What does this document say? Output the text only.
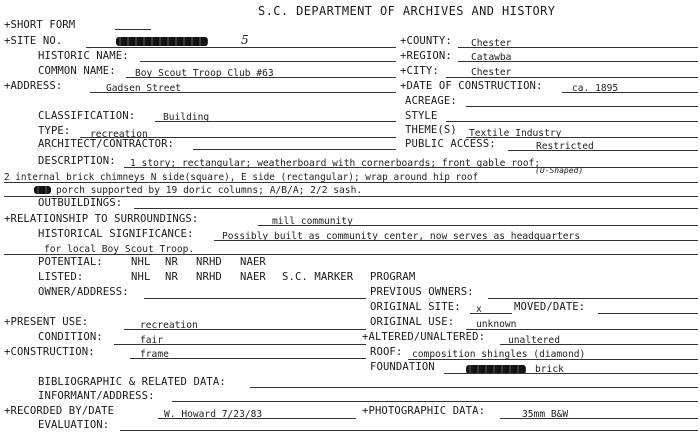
S.C. DEPARTMENT OF ARCHIVES AND HISTORY
+SHORT FORM
+SITE NO.	5	+COUNTY: Chester
HISTORIC NAME:	+REGION: Catawba
COMMON NAME: Boy Scout Troop Club #63	+CITY:	Chester
+ADDRESS:	Gadsen Street	+DATE OF CONSTRUCTION:	ca. 1895
ACREAGE:
CLASSIFICATION:	Building	STYLE
TYPE: recreation	THEME(S) Textile Industry
ARCHITECT/CONTRACTOR:	PUBLIC ACCESS:	Restricted
DESCRIPTION: 1 story; rectangular; weatherboard with cornerboards; front gable roof;
(U-Shaped)
2 internal brick chimneys N side(square), E side (rectangular); wrap around hip roof
porch supported by 19 doric columns; A/B/A; 2/2 sash.
OUTBUILDINGS:
+RELATIONSHIP TO SURROUNDINGS:	mill community
HISTORICAL SIGNIFICANCE:	Possibly built as community center, now serves as headquarters
for local Boy Scout Troop.
POTENTIAL:	NHL NR NRHD NAER
LISTED:	NHL NR NRHD NAER S.C. MARKER PROGRAM
OWNER/ADDRESS:	PREVIOUS OWNERS:
ORIGINAL SITE: x	MOVED/DATE:
+PRESENT USE:	recreation	ORIGINAL USE: unknown
CONDITION:	fair	+ALTERED/UNALTERED: unaltered
+CONSTRUCTION:	frame	ROOF: composition shingles (diamond)
FOUNDATION	brick
BIBLIOGRAPHIC & RELATED DATA:
INFORMANT/ADDRESS:
+RECORDED BY/DATE	W. Howard 7/23/83	+PHOTOGRAPHIC DATA:	35mm B&W
EVALUATION:
